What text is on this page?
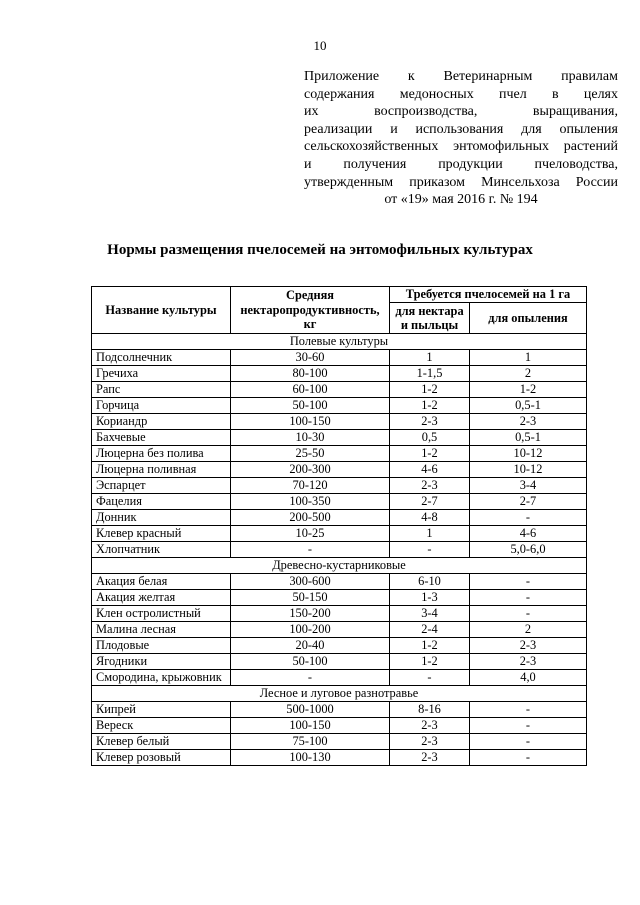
10
Приложение к Ветеринарным правилам
содержания медоносных пчел в целях
их воспроизводства, выращивания,
реализации и использования для опыления
сельскохозяйственных энтомофильных растений
и получения продукции пчеловодства,
утвержденным приказом Минсельхоза России
от «19» мая 2016 г. № 194
Нормы размещения пчелосемей на энтомофильных культурах
Название культуры	Средняя нектаропродуктивность, кг	Требуется пчелосемей на 1 га	
		для нектара и пыльцы	для опыления
Полевые культуры			
Подсолнечник	30-60	1	1
Гречиха	80-100	1-1,5	2
Рапс	60-100	1-2	1-2
Горчица	50-100	1-2	0,5-1
Кориандр	100-150	2-3	2-3
Бахчевые	10-30	0,5	0,5-1
Люцерна без полива	25-50	1-2	10-12
Люцерна поливная	200-300	4-6	10-12
Эспарцет	70-120	2-3	3-4
Фацелия	100-350	2-7	2-7
Донник	200-500	4-8	-
Клевер красный	10-25	1	4-6
Хлопчатник	-	-	5,0-6,0
Древесно-кустарниковые			
Акация белая	300-600	6-10	-
Акация желтая	50-150	1-3	-
Клен остролистный	150-200	3-4	-
Малина лесная	100-200	2-4	2
Плодовые	20-40	1-2	2-3
Ягодники	50-100	1-2	2-3
Смородина, крыжовник	-	-	4,0
Лесное и луговое разнотравье			
Кипрей	500-1000	8-16	-
Вереск	100-150	2-3	-
Клевер белый	75-100	2-3	-
Клевер розовый	100-130	2-3	-
